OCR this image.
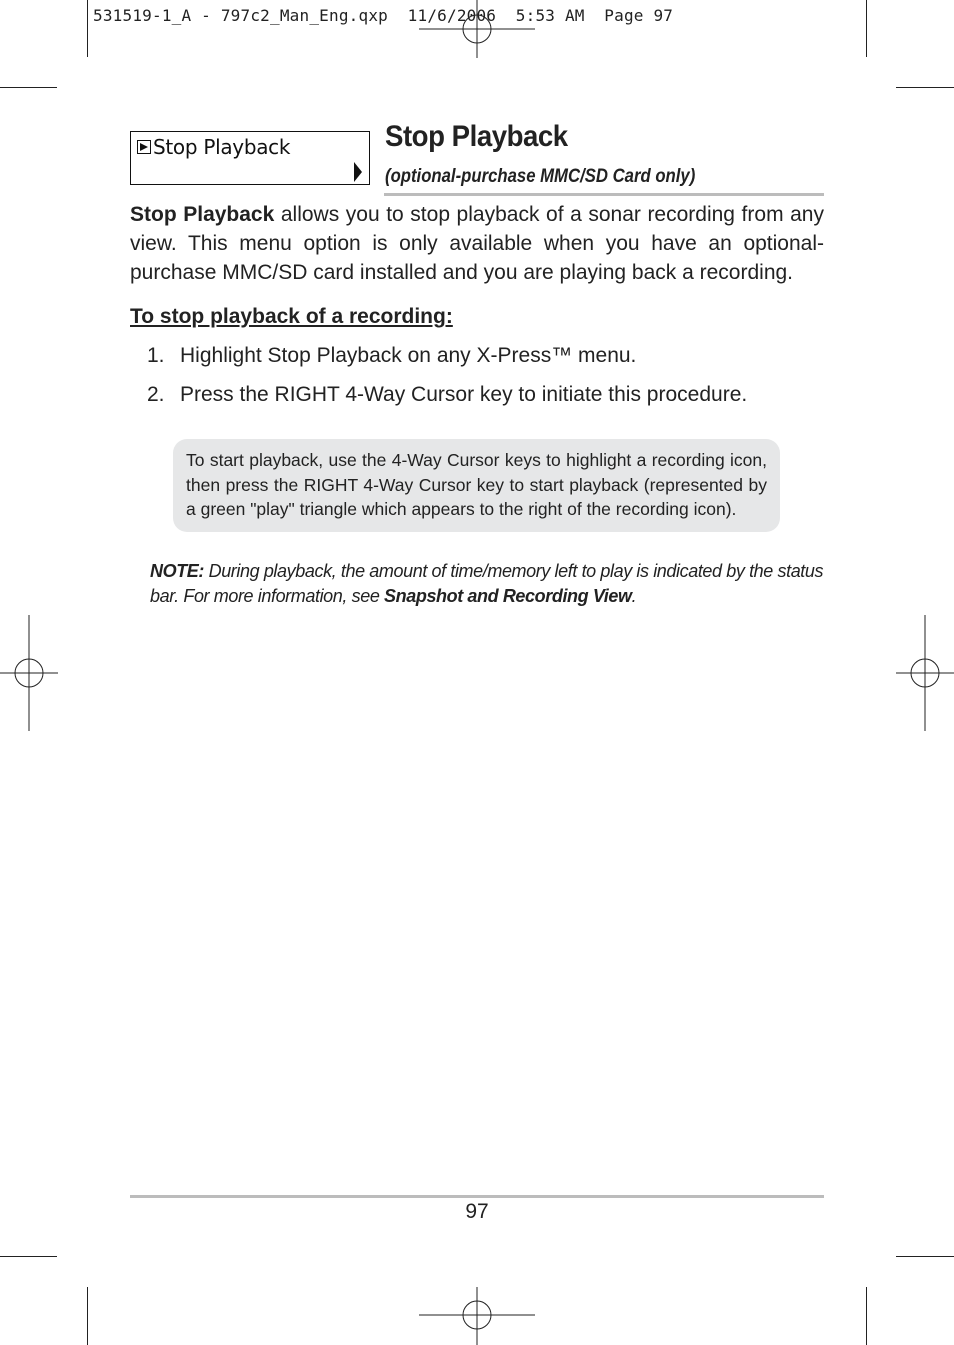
531519-1_A - 797c2_Man_Eng.qxp  11/6/2006  5:53 AM  Page 97
Stop Playback	Stop Playback
(optional-purchase MMC/SD Card only)
Stop Playback allows you to stop playback of a sonar recording from any view. This menu option is only available when you have an optional-purchase MMC/SD card installed and you are playing back a recording.
To stop playback of a recording:
1. Highlight Stop Playback on any X-Press™ menu.
2. Press the RIGHT 4-Way Cursor key to initiate this procedure.
To start playback, use the 4-Way Cursor keys to highlight a recording icon, then press the RIGHT 4-Way Cursor key to start playback (represented by a green "play" triangle which appears to the right of the recording icon).
NOTE: During playback, the amount of time/memory left to play is indicated by the status bar. For more information, see Snapshot and Recording View.
97
